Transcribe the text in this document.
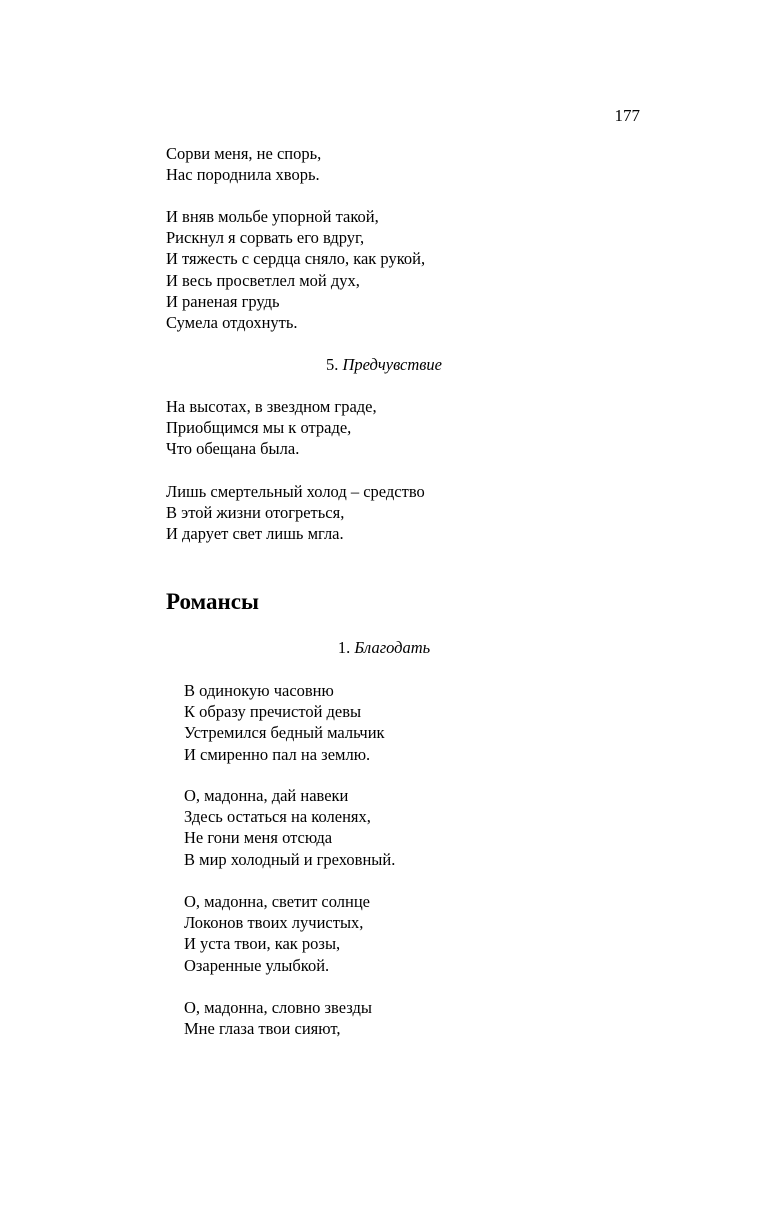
177

Сорви меня, не спорь,
Нас породнила хворь.

И вняв мольбе упорной такой,
Рискнул я сорвать его вдруг,
И тяжесть с сердца сняло, как рукой,
И весь просветлел мой дух,
И раненая грудь
Сумела отдохнуть.

5. Предчувствие

На высотах, в звездном граде,
Приобщимся мы к отраде,
Что обещана была.

Лишь смертельный холод – средство
В этой жизни отогреться,
И дарует свет лишь мгла.

Романсы
1. Благодать

В одинокую часовню
К образу пречистой девы
Устремился бедный мальчик
И смиренно пал на землю.

О, мадонна, дай навеки
Здесь остаться на коленях,
Не гони меня отсюда
В мир холодный и греховный.

О, мадонна, светит солнце
Локонов твоих лучистых,
И уста твои, как розы,
Озаренные улыбкой.

О, мадонна, словно звезды
Мне глаза твои сияют,
